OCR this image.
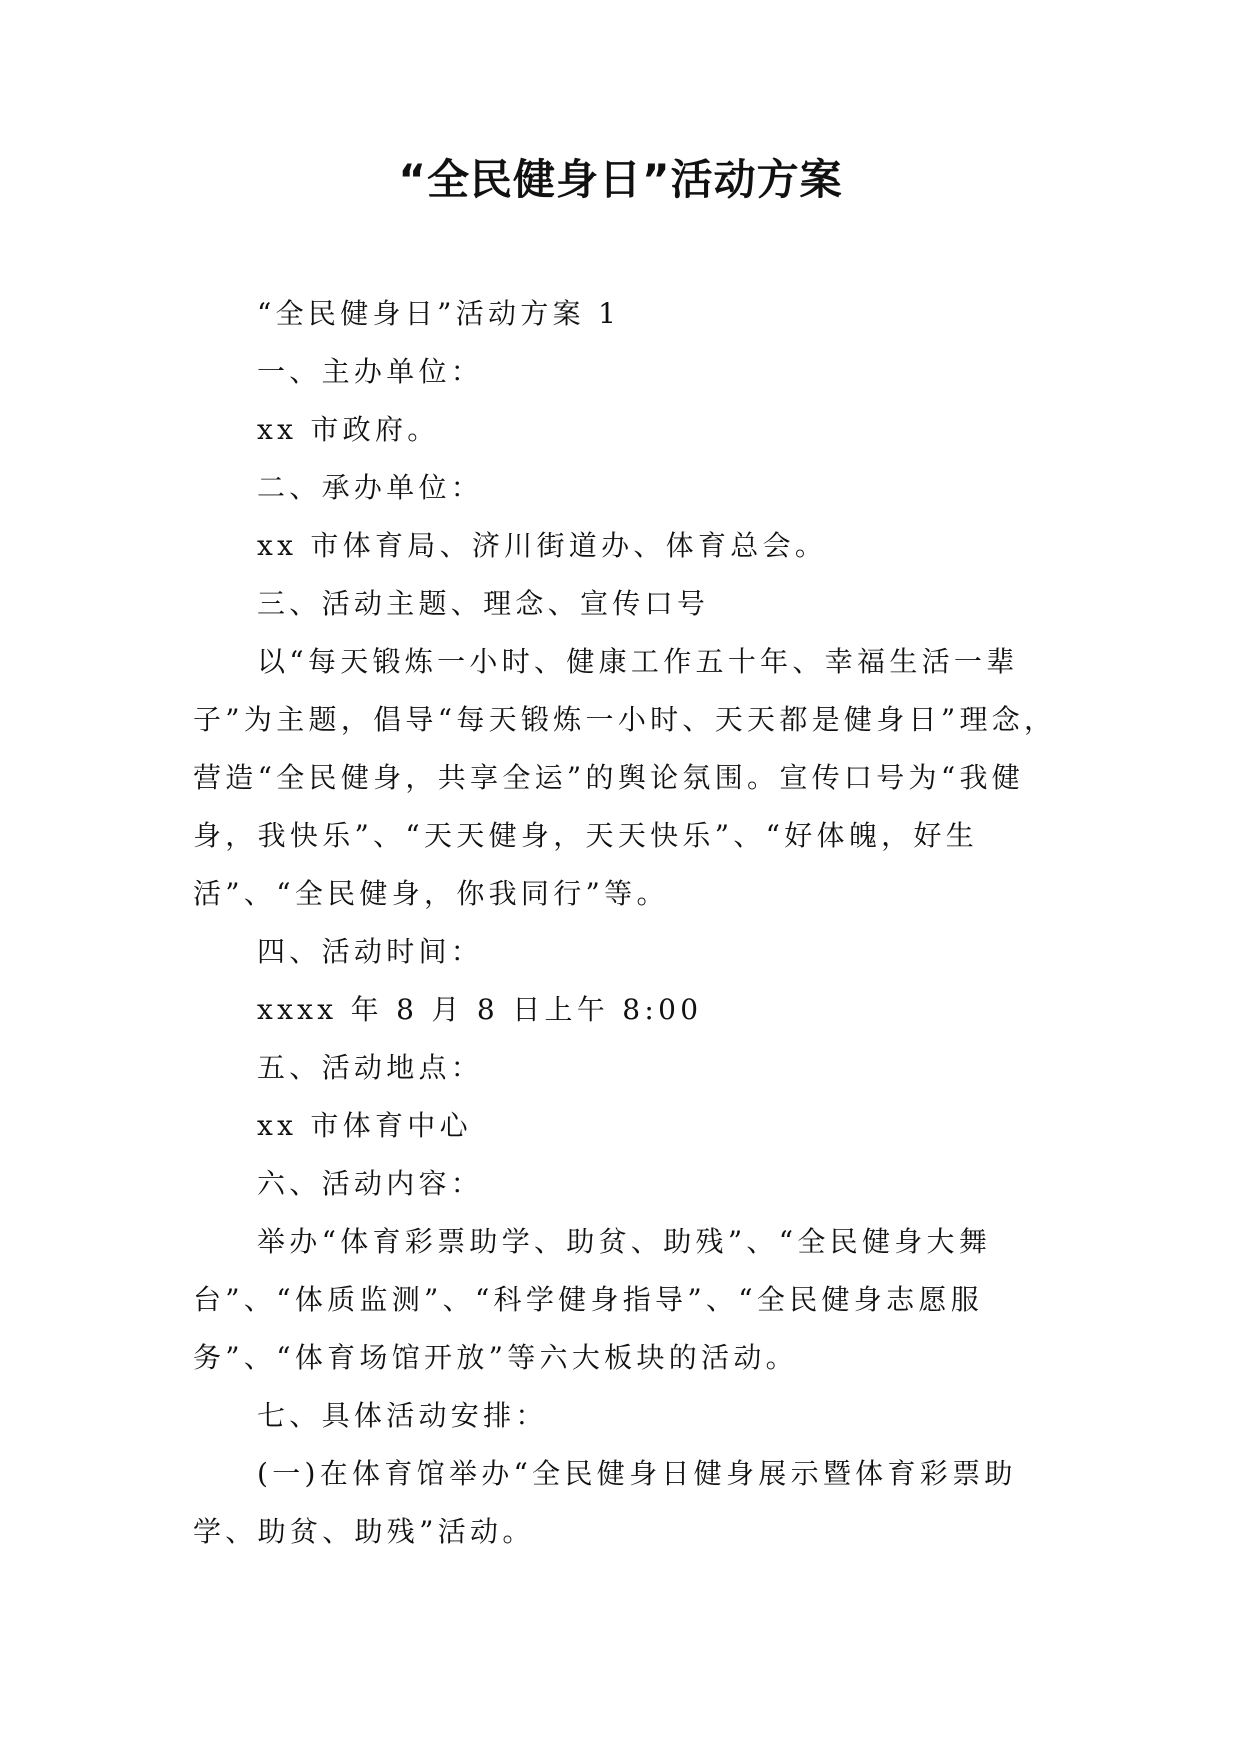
“全民健身日”活动方案

“全民健身日”活动方案 1

一、主办单位：

xx 市政府。

二、承办单位：

xx 市体育局、济川街道办、体育总会。

三、活动主题、理念、宣传口号

以“每天锻炼一小时、健康工作五十年、幸福生活一辈子”为主题，倡导“每天锻炼一小时、天天都是健身日”理念，营造“全民健身，共享全运”的舆论氛围。宣传口号为“我健身，我快乐”、“天天健身，天天快乐”、“好体魄，好生活”、“全民健身，你我同行”等。

四、活动时间：

xxxx 年 8 月 8 日上午 8:00

五、活动地点：

xx 市体育中心

六、活动内容：

举办“体育彩票助学、助贫、助残”、“全民健身大舞台”、“体质监测”、“科学健身指导”、“全民健身志愿服务”、“体育场馆开放”等六大板块的活动。

七、具体活动安排：

(一)在体育馆举办“全民健身日健身展示暨体育彩票助学、助贫、助残”活动。
